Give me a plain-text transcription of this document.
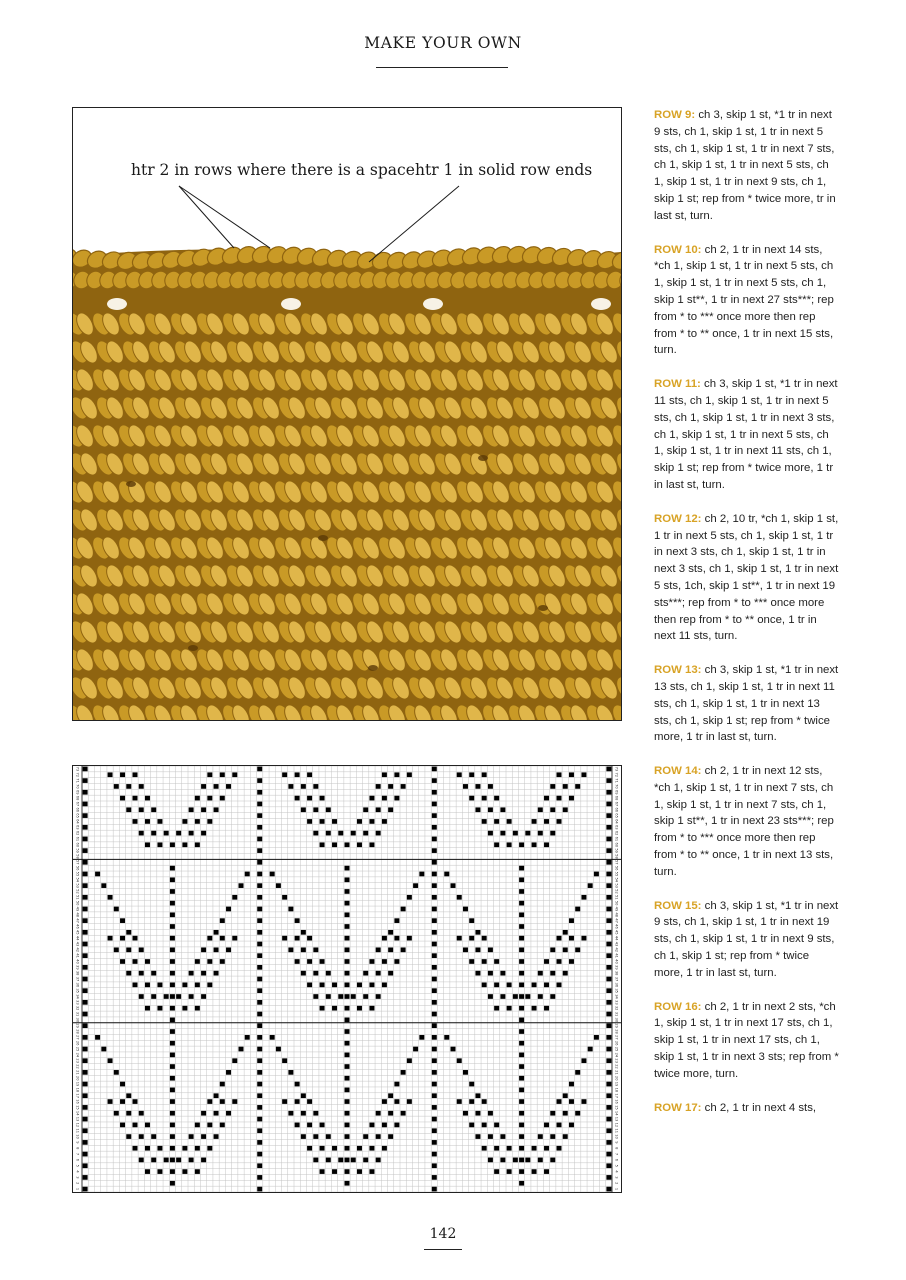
MAKE YOUR OWN
htr 2 in rows where there is a space htr 1 in solid row ends
1	1
2	2
3	3
4	4
5	5
6	6
7	7
8	8
9	9
10	10
11	11
12	12
13	13
14	14
15	15
16	16
17	17
18	18
19	19
20	20
21	21
22	22
23	23
24	24
25	25
26	26
27	27
28	28
29	29
30	30
31	31
32	32
33	33
34	34
35	35
36	36
37	37
38	38
39	39
40	40
41	41
42	42
43	43
44	44
45	45
46	46
47	47
48	48
49	49
50	50
51	51
52	52
53	53
54	54
55	55
56	56
57	57
58	58
59	59
60	60
61	61
62	62
63	63
64	64
65	65
66	66
67	67
68	68
69	69
70	70
71	71
72	72
73	73

ROW 9: ch 3, skip 1 st, *1 tr in next 9 sts, ch 1, skip 1 st, 1 tr in next 5 sts, ch 1, skip 1 st, 1 tr in next 7 sts, ch 1, skip 1 st, 1 tr in next 5 sts, ch 1, skip 1 st, 1 tr in next 9 sts, ch 1, skip 1 st; rep from * twice more, tr in last st, turn.

ROW 10: ch 2, 1 tr in next 14 sts, *ch 1, skip 1 st, 1 tr in next 5 sts, ch 1, skip 1 st, 1 tr in next 5 sts, ch 1, skip 1 st**, 1 tr in next 27 sts***; rep from * to *** once more then rep from * to ** once, 1 tr in next 15 sts, turn.

ROW 11: ch 3, skip 1 st, *1 tr in next 11 sts, ch 1, skip 1 st, 1 tr in next 5 sts, ch 1, skip 1 st, 1 tr in next 3 sts, ch 1, skip 1 st, 1 tr in next 5 sts, ch 1, skip 1 st, 1 tr in next 11 sts, ch 1, skip 1 st; rep from * twice more, 1 tr in last st, turn.

ROW 12: ch 2, 10 tr, *ch 1, skip 1 st, 1 tr in next 5 sts, ch 1, skip 1 st, 1 tr in next 3 sts, ch 1, skip 1 st, 1 tr in next 3 sts, ch 1, skip 1 st, 1 tr in next 5 sts, 1ch, skip 1 st**, 1 tr in next 19 sts***; rep from * to *** once more then rep from * to ** once, 1 tr in next 11 sts, turn.

ROW 13: ch 3, skip 1 st, *1 tr in next 13 sts, ch 1, skip 1 st, 1 tr in next 11 sts, ch 1, skip 1 st, 1 tr in next 13 sts, ch 1, skip 1 st; rep from * twice more, 1 tr in last st, turn.

ROW 14: ch 2, 1 tr in next 12 sts, *ch 1, skip 1 st, 1 tr in next 7 sts, ch 1, skip 1 st, 1 tr in next 7 sts, ch 1, skip 1 st**, 1 tr in next 23 sts***; rep from * to *** once more then rep from * to ** once, 1 tr in next 13 sts, turn.

ROW 15: ch 3, skip 1 st, *1 tr in next 9 sts, ch 1, skip 1 st, 1 tr in next 19 sts, ch 1, skip 1 st, 1 tr in next 9 sts, ch 1, skip 1 st; rep from * twice more, 1 tr in last st, turn.

ROW 16: ch 2, 1 tr in next 2 sts, *ch 1, skip 1 st, 1 tr in next 17 sts, ch 1, skip 1 st, 1 tr in next 17 sts, ch 1, skip 1 st, 1 tr in next 3 sts; rep from * twice more, turn.

ROW 17: ch 2, 1 tr in next 4 sts,

142
